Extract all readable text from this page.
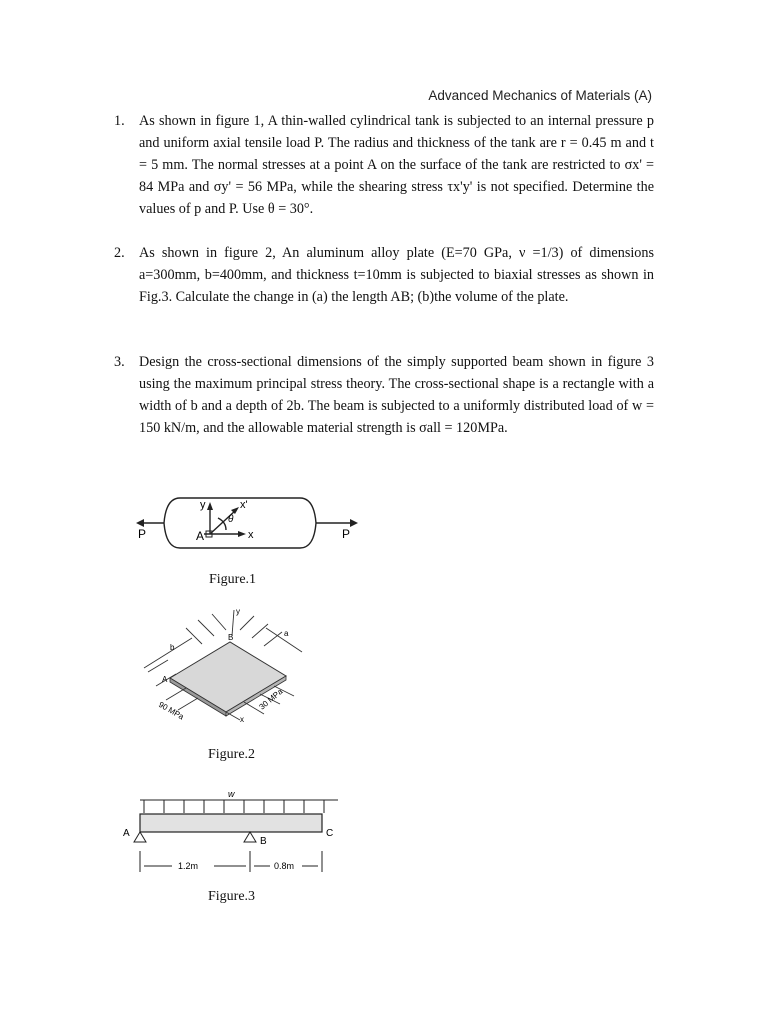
Advanced Mechanics of Materials (A)
1.	As shown in figure 1, A thin-walled cylindrical tank is subjected to an internal pressure p and uniform axial tensile load P. The radius and thickness of the tank are r = 0.45 m and t = 5 mm. The normal stresses at a point A on the surface of the tank are restricted to σx' = 84 MPa and σy' = 56 MPa, while the shearing stress τx'y' is not specified. Determine the values of p and P. Use θ = 30°.
2.	As shown in figure 2, An aluminum alloy plate (E=70 GPa, ν =1/3) of dimensions a=300mm, b=400mm, and thickness t=10mm is subjected to biaxial stresses as shown in Fig.3. Calculate the change in (a) the length AB; (b)the volume of the plate.
3.	Design the cross-sectional dimensions of the simply supported beam shown in figure 3 using the maximum principal stress theory. The cross-sectional shape is a rectangle with a width of b and a depth of 2b. The beam is subjected to a uniformly distributed load of w = 150 kN/m, and the allowable material strength is σall = 120MPa.
P	P
A	x
y	x'
θ
Figure.1
b
a
B
A
y
x
90 MPa	30 MPa
Figure.2
w
A
B
C
1.2m	0.8m
Figure.3
